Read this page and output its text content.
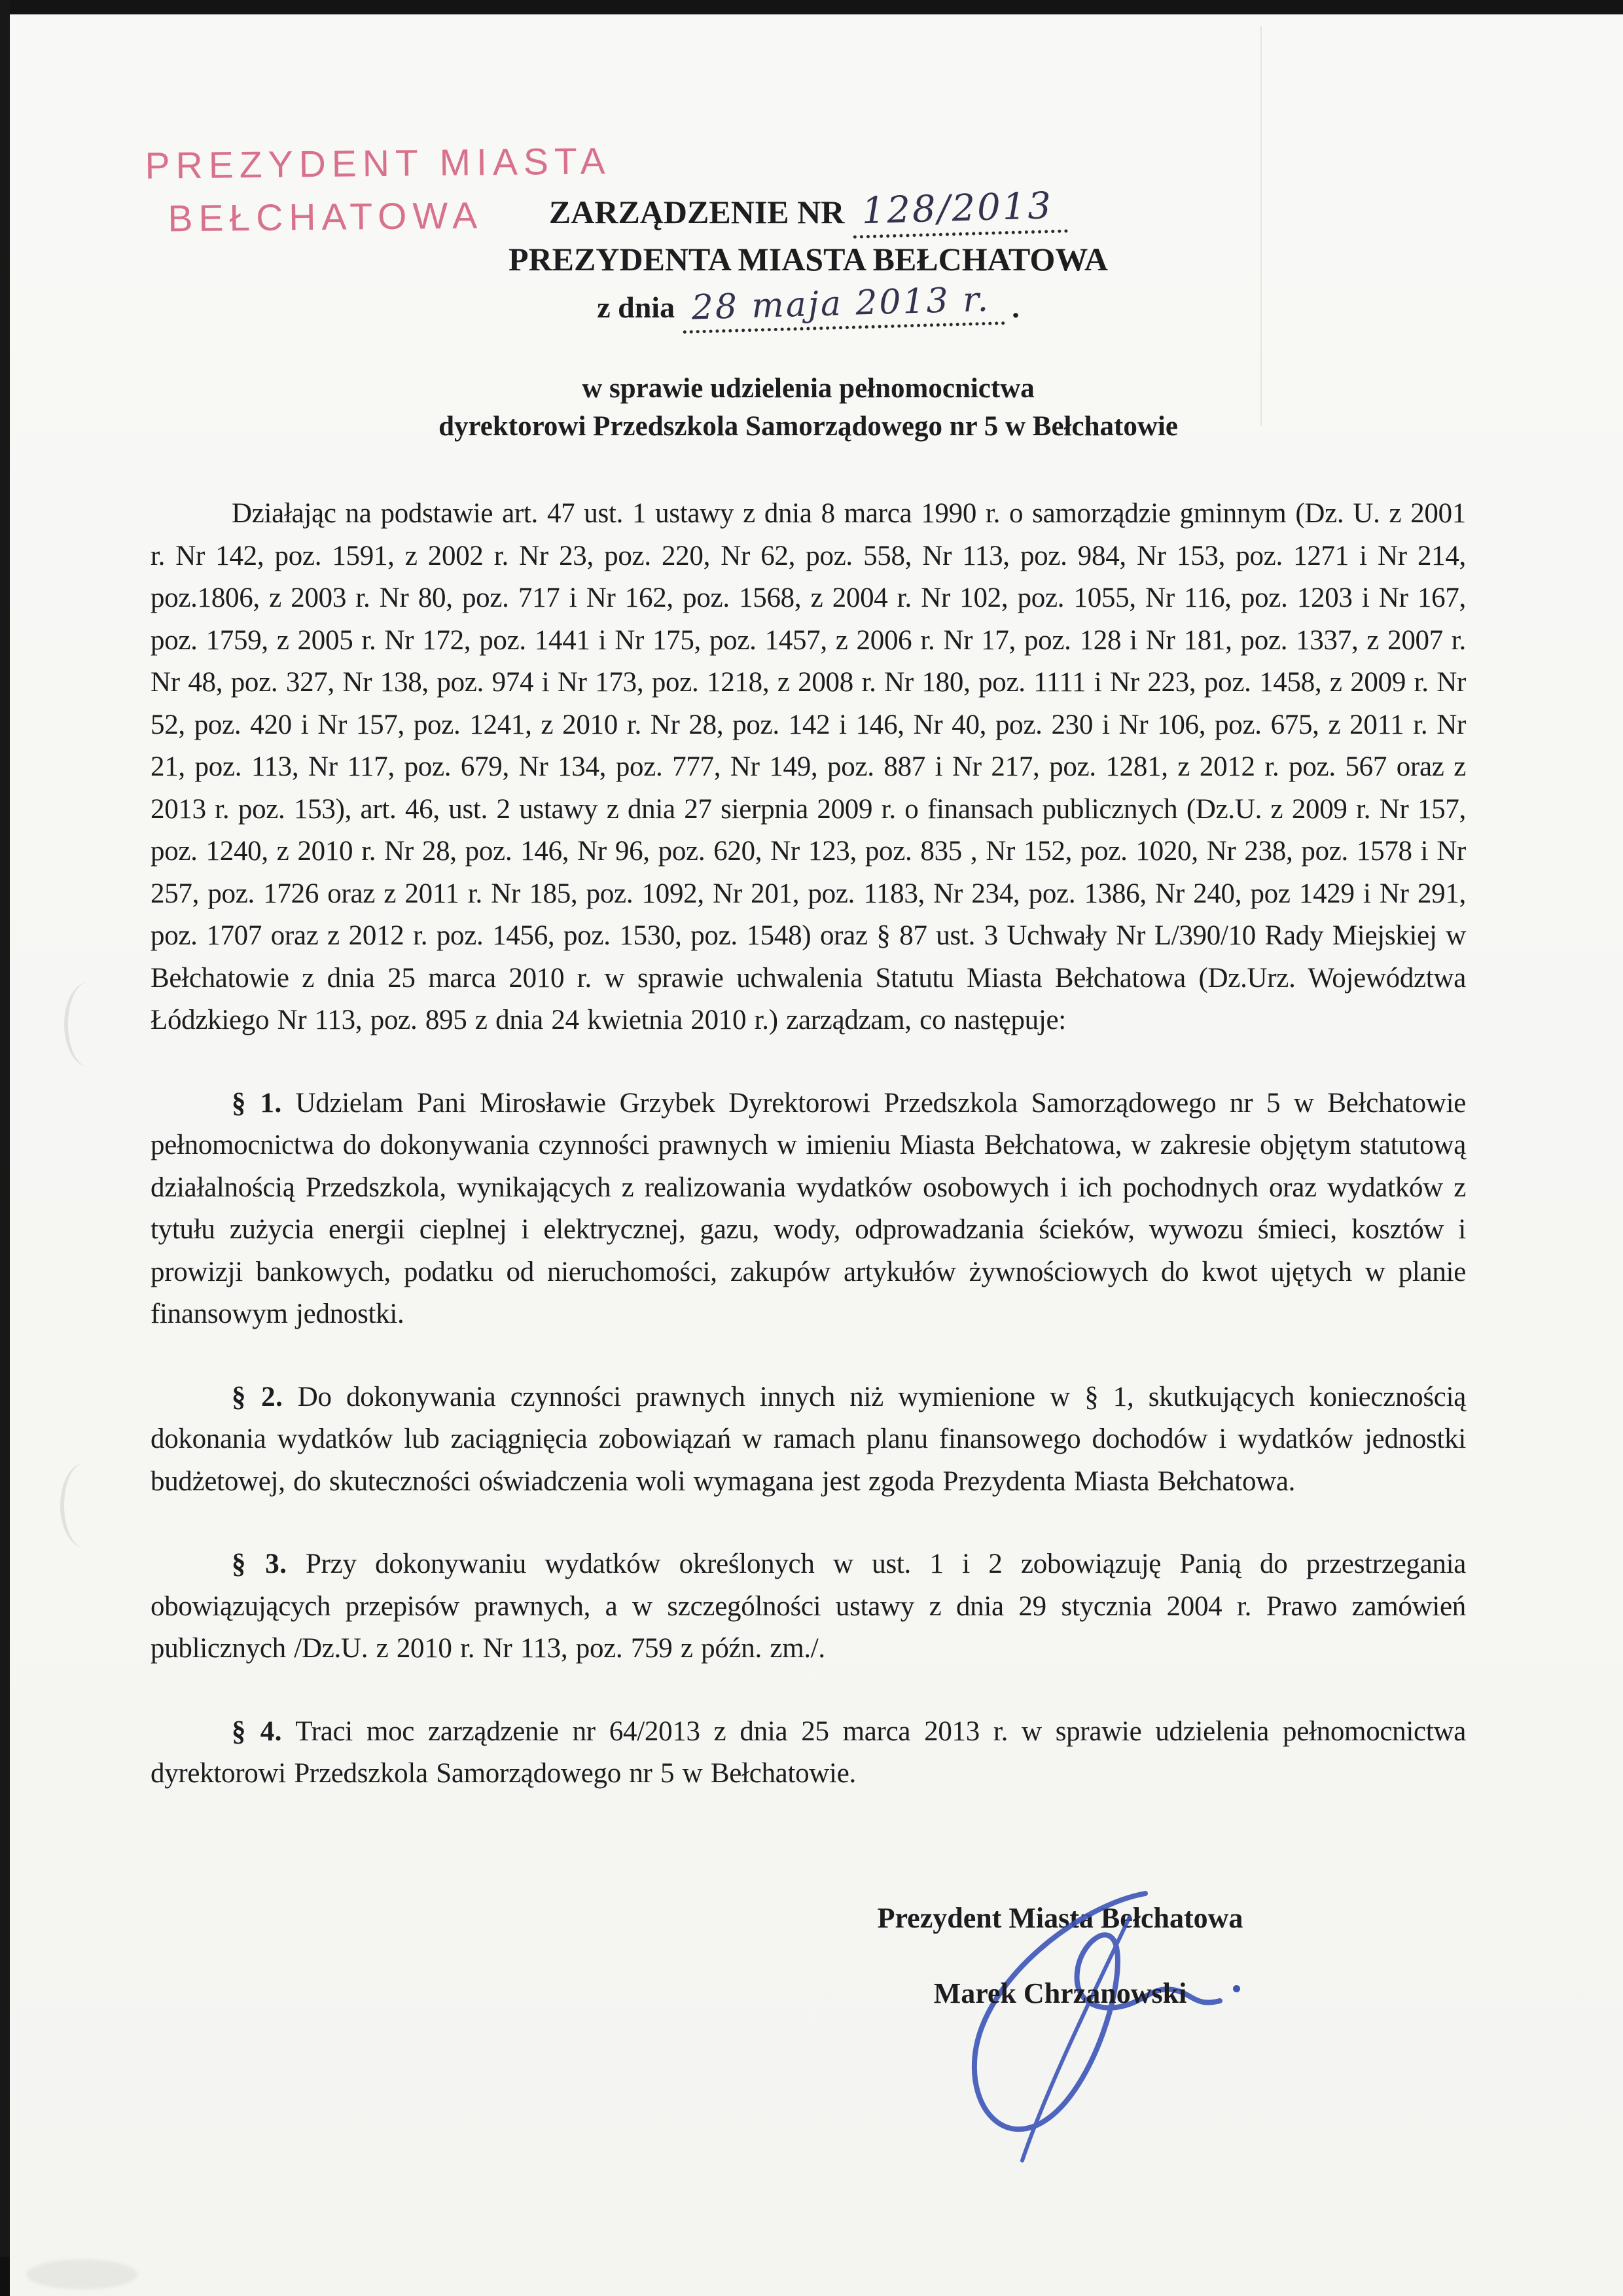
PREZYDENT MIASTA
BEŁCHATOWA	ZARZĄDZENIE NR 128/2013
PREZYDENTA MIASTA BEŁCHATOWA
z dnia 28 maja 2013 r. .
w sprawie udzielenia pełnomocnictwa
dyrektorowi Przedszkola Samorządowego nr 5 w Bełchatowie

Działając na podstawie art. 47 ust. 1 ustawy z dnia 8 marca 1990 r. o samorządzie gminnym (Dz. U. z 2001 r. Nr 142, poz. 1591, z 2002 r. Nr 23, poz. 220, Nr 62, poz. 558, Nr 113, poz. 984, Nr 153, poz. 1271 i Nr 214, poz.1806, z 2003 r. Nr 80, poz. 717 i Nr 162, poz. 1568, z 2004 r. Nr 102, poz. 1055, Nr 116, poz. 1203 i Nr 167, poz. 1759, z 2005 r. Nr 172, poz. 1441 i Nr 175, poz. 1457, z 2006 r. Nr 17, poz. 128 i Nr 181, poz. 1337, z 2007 r. Nr 48, poz. 327, Nr 138, poz. 974 i Nr 173, poz. 1218, z 2008 r. Nr 180, poz. 1111 i Nr 223, poz. 1458, z 2009 r. Nr 52, poz. 420 i Nr 157, poz. 1241, z 2010 r. Nr 28, poz. 142 i 146, Nr 40, poz. 230 i Nr 106, poz. 675, z 2011 r. Nr 21, poz. 113, Nr 117, poz. 679, Nr 134, poz. 777, Nr 149, poz. 887 i Nr 217, poz. 1281, z 2012 r. poz. 567 oraz z 2013 r. poz. 153), art. 46, ust. 2 ustawy z dnia 27 sierpnia 2009 r. o finansach publicznych (Dz.U. z 2009 r. Nr 157, poz. 1240, z 2010 r. Nr 28, poz. 146, Nr 96, poz. 620, Nr 123, poz. 835 , Nr 152, poz. 1020, Nr 238, poz. 1578 i Nr 257, poz. 1726 oraz z 2011 r. Nr 185, poz. 1092, Nr 201, poz. 1183, Nr 234, poz. 1386, Nr 240, poz 1429 i Nr 291, poz. 1707 oraz z 2012 r. poz. 1456, poz. 1530, poz. 1548) oraz § 87 ust. 3 Uchwały Nr L/390/10 Rady Miejskiej w Bełchatowie z dnia 25 marca 2010 r. w sprawie uchwalenia Statutu Miasta Bełchatowa (Dz.Urz. Województwa Łódzkiego Nr 113, poz. 895 z dnia 24 kwietnia 2010 r.) zarządzam, co następuje:

§ 1. Udzielam Pani Mirosławie Grzybek Dyrektorowi Przedszkola Samorządowego nr 5 w Bełchatowie pełnomocnictwa do dokonywania czynności prawnych w imieniu Miasta Bełchatowa, w zakresie objętym statutową działalnością Przedszkola, wynikających z realizowania wydatków osobowych i ich pochodnych oraz wydatków z tytułu zużycia energii cieplnej i elektrycznej, gazu, wody, odprowadzania ścieków, wywozu śmieci, kosztów i prowizji bankowych, podatku od nieruchomości, zakupów artykułów żywnościowych do kwot ujętych w planie finansowym jednostki.

§ 2. Do dokonywania czynności prawnych innych niż wymienione w § 1, skutkujących koniecznością dokonania wydatków lub zaciągnięcia zobowiązań w ramach planu finansowego dochodów i wydatków jednostki budżetowej, do skuteczności oświadczenia woli wymagana jest zgoda Prezydenta Miasta Bełchatowa.

§ 3. Przy dokonywaniu wydatków określonych w ust. 1 i 2 zobowiązuję Panią do przestrzegania obowiązujących przepisów prawnych, a w szczególności ustawy z dnia 29 stycznia 2004 r. Prawo zamówień publicznych /Dz.U. z 2010 r. Nr 113, poz. 759 z późn. zm./.

§ 4. Traci moc zarządzenie nr 64/2013 z dnia 25 marca 2013 r. w sprawie udzielenia pełnomocnictwa dyrektorowi Przedszkola Samorządowego nr 5 w Bełchatowie.

Prezydent Miasta Bełchatowa
Marek Chrzanowski
